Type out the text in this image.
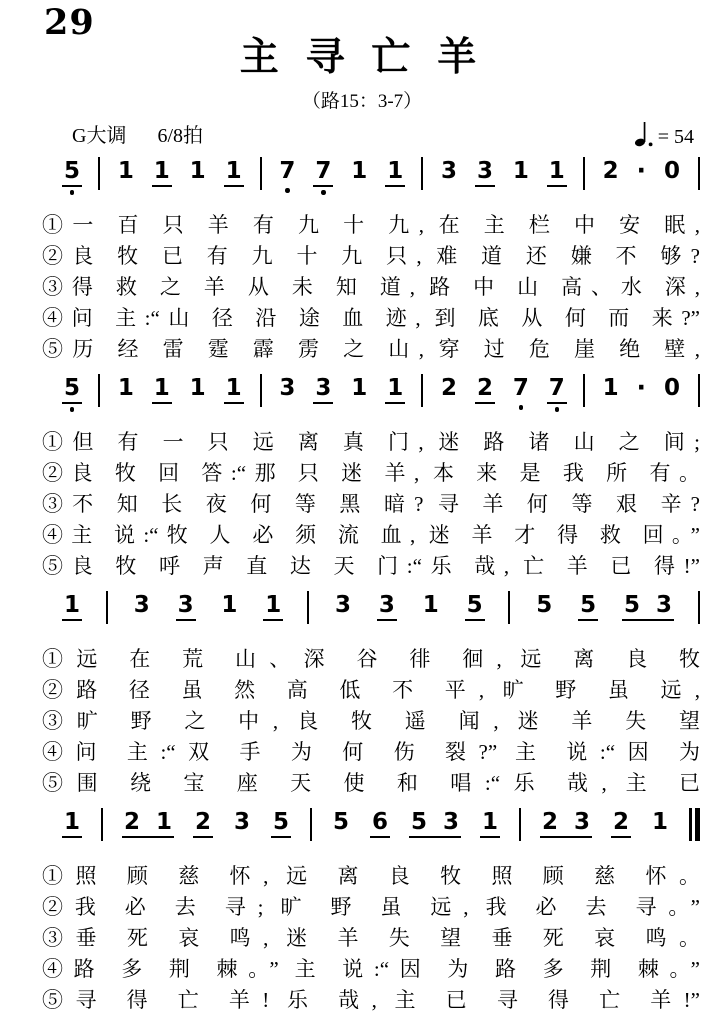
29
主 寻 亡 羊
（路15：3-7）
G大调 6/8拍	= 54
5 1 1 1 1 7 7 1 1 3 3 1 1 2 · 0
①一 百 只 羊 有 九 十 九, 在 主 栏 中 安 眠,
②良 牧 已 有 九 十 九 只, 难 道 还 嫌 不 够?
③得 救 之 羊 从 未 知 道, 路 中 山 高、水 深,
④问 主:“山 径 沿 途 血 迹, 到 底 从 何 而 来?”
⑤历 经 雷 霆 霹 雳 之 山, 穿 过 危 崖 绝 壁,
5 1 1 1 1 3 3 1 1 2 2 7 7 1 · 0
①但 有 一 只 远 离 真 门, 迷 路 诸 山 之 间;
②良 牧 回 答:“那 只 迷 羊, 本 来 是 我 所 有。
③不 知 长 夜 何 等 黑 暗? 寻 羊 何 等 艰 辛?
④主 说:“牧 人 必 须 流 血, 迷 羊 才 得 救 回。”
⑤良 牧 呼 声 直 达 天 门:“乐 哉, 亡 羊 已 得!”
1 3 3 1 1 3 3 1 5 5 5 5 3
①远 在 荒 山、深 谷 徘 徊, 远 离 良 牧
②路 径 虽 然 高 低 不 平, 旷 野 虽 远,
③旷 野 之 中, 良 牧 遥 闻, 迷 羊 失 望
④问 主:“双 手 为 何 伤 裂?” 主 说:“因 为
⑤围 绕 宝 座 天 使 和 唱:“乐 哉, 主 已
1 2 1 2 3 5 5 6 5 3 1 2 3 2 1
①照 顾 慈 怀, 远 离 良 牧 照 顾 慈 怀。
②我 必 去 寻; 旷 野 虽 远, 我 必 去 寻。”
③垂 死 哀 鸣, 迷 羊 失 望 垂 死 哀 鸣。
④路 多 荆 棘。” 主 说:“因 为 路 多 荆 棘。”
⑤寻 得 亡 羊! 乐 哉, 主 已 寻 得 亡 羊!”
